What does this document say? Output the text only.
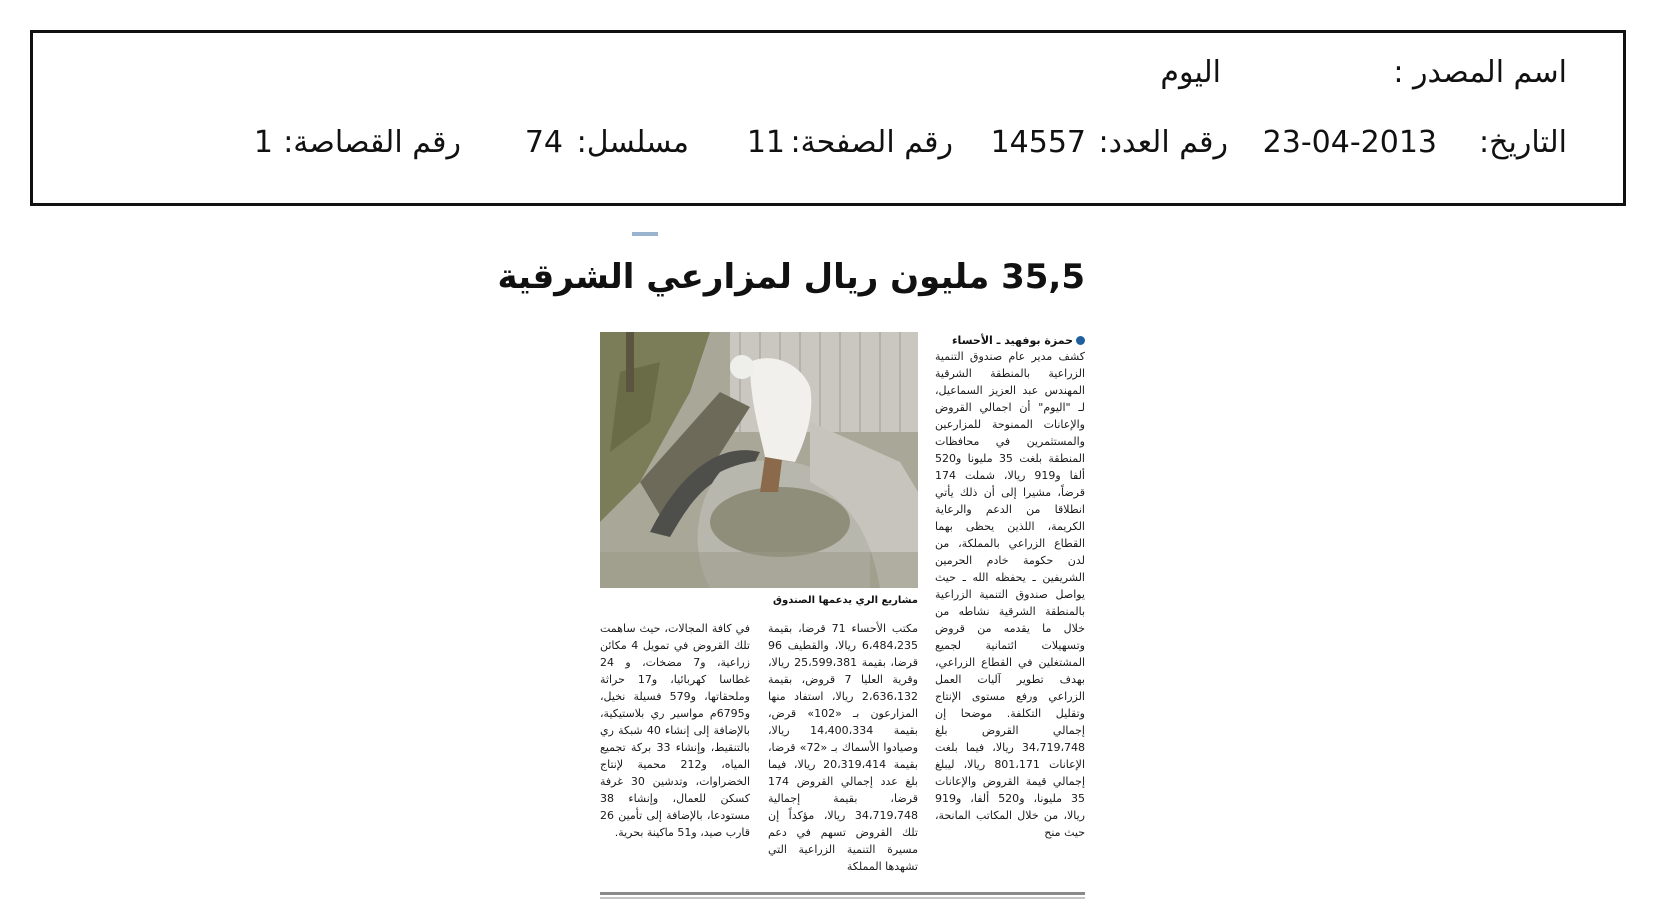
اسم المصدر :
اليوم
التاريخ:
23-04-2013
رقم العدد:
14557
رقم الصفحة:
11
مسلسل:
74
رقم القصاصة:
1
35,5 مليون ريال لمزارعي الشرقية
حمزة بوفهيد ـ الأحساء
مشاريع الري يدعمها الصندوق
كشف مدير عام صندوق التنمية الزراعية بالمنطقة الشرقية المهندس عبد العزيز السماعيل، لـ "اليوم" أن اجمالي القروض والإعانات الممنوحة للمزارعين والمستثمرين في محافظات المنطقة بلغت 35 مليونا و520 ألفا و919 ريالا، شملت 174 قرضاً، مشيرا إلى أن ذلك يأتي انطلاقا من الدعم والرعاية الكريمة، اللذين يحظى بهما القطاع الزراعي بالمملكة، من لدن حكومة خادم الحرمين الشريفين ـ يحفظه الله ـ حيث يواصل صندوق التنمية الزراعية بالمنطقة الشرقية نشاطه من خلال ما يقدمه من قروض وتسهيلات ائتمانية لجميع المشتغلين في القطاع الزراعي، بهدف تطوير آليات العمل الزراعي ورفع مستوى الإنتاج وتقليل التكلفة. موضحا إن إجمالي القروض بلغ 34،719،748 ريالا، فيما بلغت الإعانات 801،171 ريالا، ليبلغ إجمالي قيمة القروض والإعانات 35 مليونا، و520 ألفا، و919 ريالا، من خلال المكاتب المانحة، حيث منح
مكتب الأحساء 71 قرضا، بقيمة 6،484،235 ريالا، والقطيف 96 قرضا، بقيمة 25،599،381 ريالا، وقرية العليا 7 قروض، بقيمة 2،636،132 ريالا، استفاد منها المزارعون بـ «102» قرض، بقيمة 14،400،334 ريالا، وصيادوا الأسماك بـ «72» قرضا، بقيمة 20،319،414 ريالا، فيما بلغ عدد إجمالي القروض 174 قرضا، بقيمة إجمالية 34،719،748 ريالا، مؤكداً إن تلك القروض تسهم في دعم مسيرة التنمية الزراعية التي تشهدها المملكة
في كافة المجالات، حيث ساهمت تلك القروض في تمويل 4 مكائن زراعية، و7 مضخات، و 24 غطاسا كهربائيا، و17 حراثة وملحقاتها، و579 فسيلة نخيل، و6795م مواسير ري بلاستيكية، بالإضافة إلى إنشاء 40 شبكة ري بالتنقيط، وإنشاء 33 بركة تجميع المياه، و212 محمية لإنتاج الخضراوات، وتدشين 30 غرفة كسكن للعمال، وإنشاء 38 مستودعا، بالإضافة إلى تأمين 26 قارب صيد، و51 ماكينة بحرية.
